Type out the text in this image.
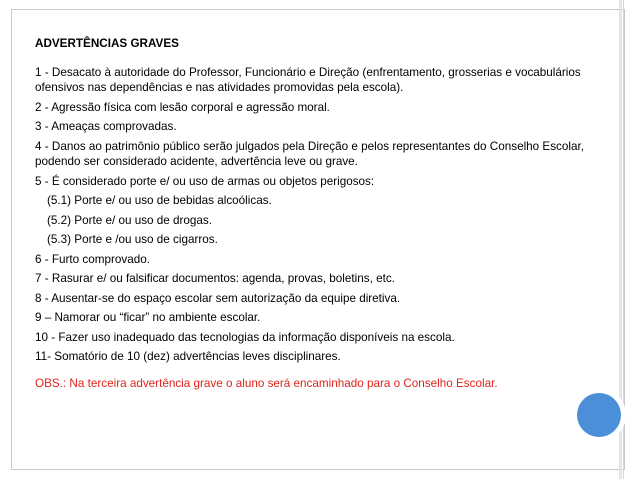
ADVERTÊNCIAS GRAVES
1 - Desacato à autoridade do Professor, Funcionário e Direção (enfrentamento, grosserias e vocabulários ofensivos nas dependências e nas atividades promovidas pela escola).
2 - Agressão física com lesão corporal e agressão moral.
3 - Ameaças comprovadas.
4 - Danos ao patrimônio público serão julgados pela Direção e pelos representantes do Conselho Escolar, podendo ser considerado acidente, advertência leve ou grave.
5 - É considerado porte e/ ou uso de armas ou objetos perigosos:
(5.1) Porte e/ ou uso de bebidas alcoólicas.
(5.2) Porte e/ ou uso de drogas.
(5.3) Porte e /ou uso de cigarros.
6 - Furto comprovado.
7 - Rasurar e/ ou falsificar documentos: agenda, provas, boletins, etc.
8 - Ausentar-se do espaço escolar sem autorização da equipe diretiva.
9 – Namorar ou “ficar” no ambiente escolar.
10 - Fazer uso inadequado das tecnologias da informação disponíveis na escola.
11- Somatório de 10 (dez) advertências leves disciplinares.
OBS.: Na terceira advertência grave o aluno será encaminhado para o Conselho Escolar.
